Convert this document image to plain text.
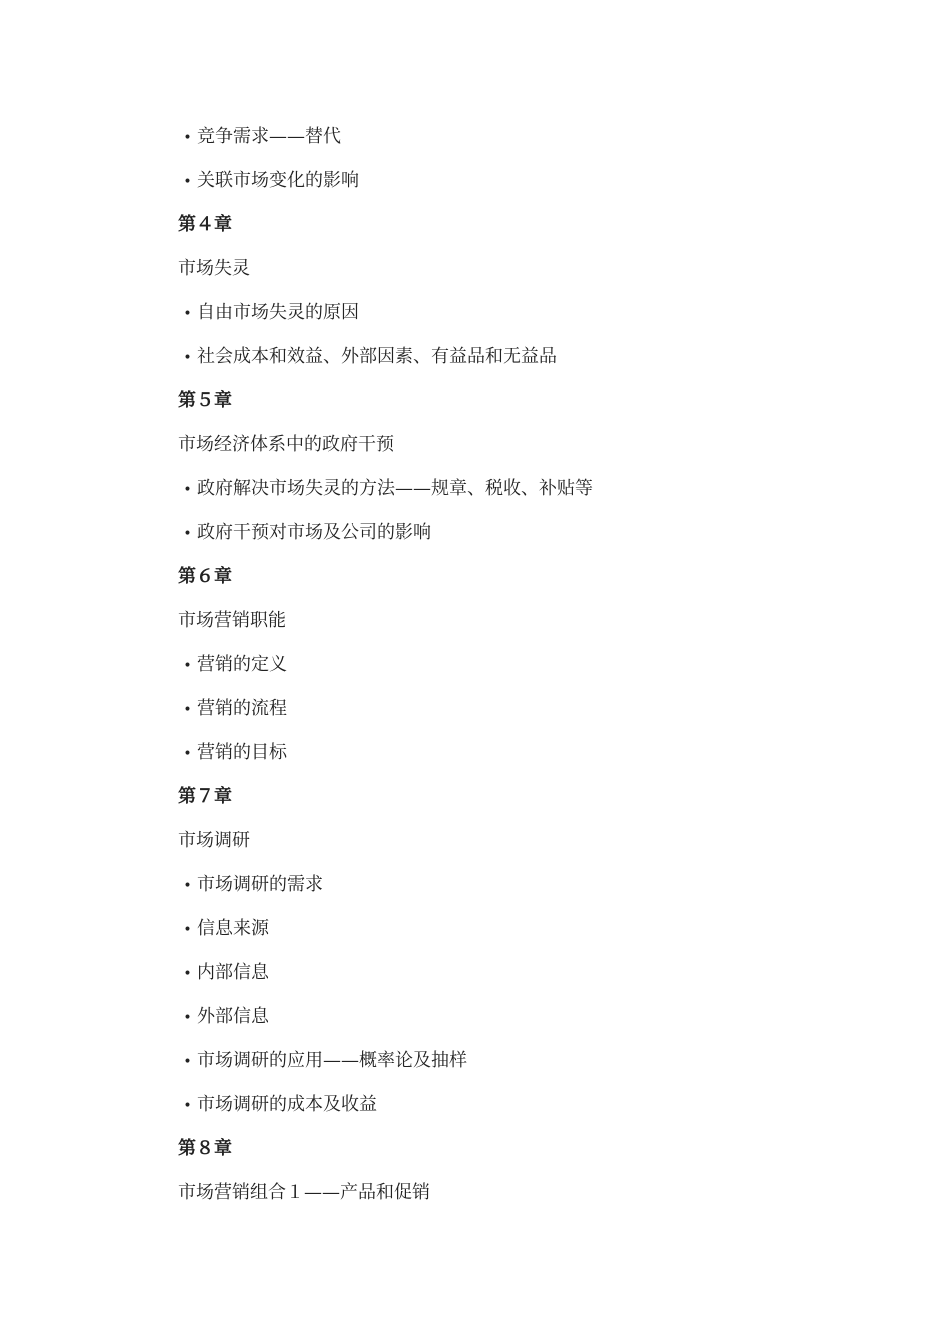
• 竞争需求——替代
• 关联市场变化的影响
第４章
市场失灵
• 自由市场失灵的原因
• 社会成本和效益、外部因素、有益品和无益品
第５章
市场经济体系中的政府干预
• 政府解决市场失灵的方法——规章、税收、补贴等
• 政府干预对市场及公司的影响
第６章
市场营销职能
• 营销的定义
• 营销的流程
• 营销的目标
第７章
市场调研
• 市场调研的需求
• 信息来源
• 内部信息
• 外部信息
• 市场调研的应用——概率论及抽样
• 市场调研的成本及收益
第８章
市场营销组合１——产品和促销
